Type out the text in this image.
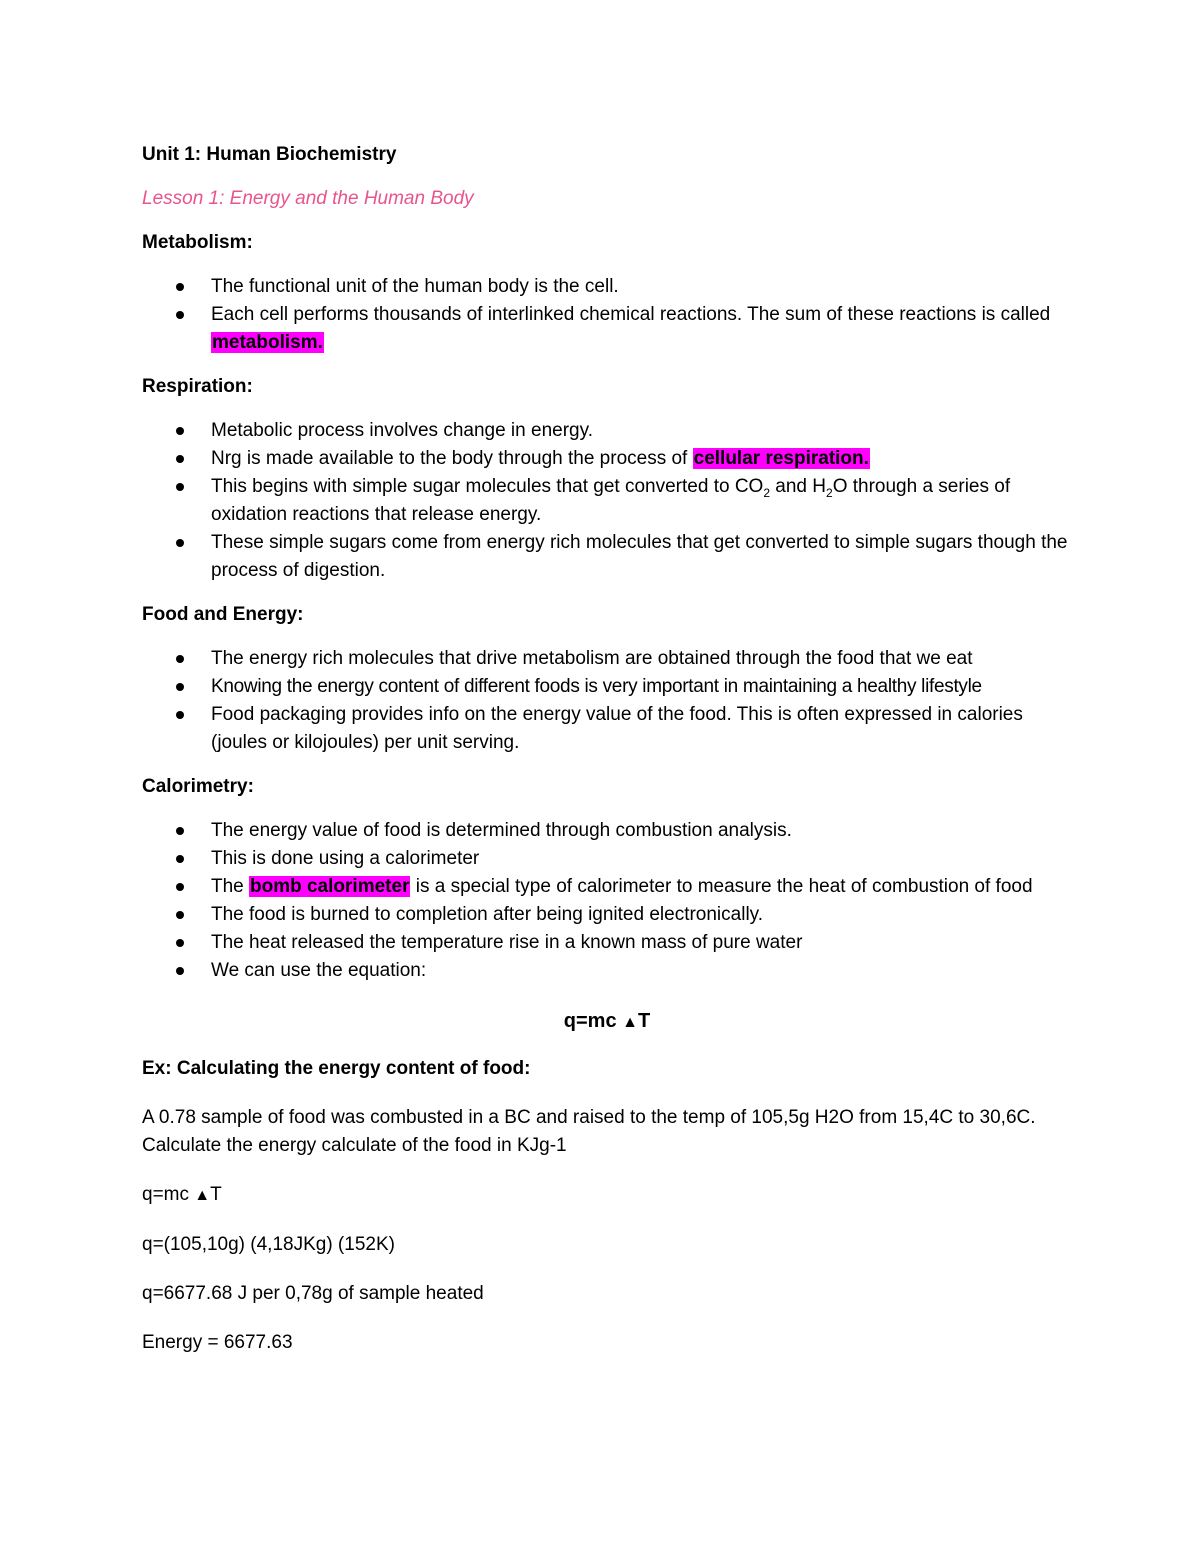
Unit 1: Human Biochemistry
Lesson 1: Energy and the Human Body
Metabolism:
The functional unit of the human body is the cell.
Each cell performs thousands of interlinked chemical reactions. The sum of these reactions is called metabolism.
Respiration:
Metabolic process involves change in energy.
Nrg is made available to the body through the process of cellular respiration.
This begins with simple sugar molecules that get converted to $CO_2$ and $H_2O$ through a series of oxidation reactions that release energy.
These simple sugars come from energy rich molecules that get converted to simple sugars though the process of digestion.
Food and Energy:
The energy rich molecules that drive metabolism are obtained through the food that we eat
Knowing the energy content of different foods is very important in maintaining a healthy lifestyle
Food packaging provides info on the energy value of the food. This is often expressed in calories (joules or kilojoules) per unit serving.
Calorimetry:
The energy value of food is determined through combustion analysis.
This is done using a calorimeter
The bomb calorimeter is a special type of calorimeter to measure the heat of combustion of food
The food is burned to completion after being ignited electronically.
The heat released the temperature rise in a known mass of pure water
We can use the equation:
q=mc ▲T
Ex: Calculating the energy content of food:
A 0.78 sample of food was combusted in a BC and raised to the temp of 105,5g H2O from 15,4C to 30,6C. Calculate the energy calculate of the food in KJg-1
q=mc ▲T
q=(105,10g) (4,18JKg) (152K)
q=6677.68 J per 0,78g of sample heated
Energy = 6677.63
